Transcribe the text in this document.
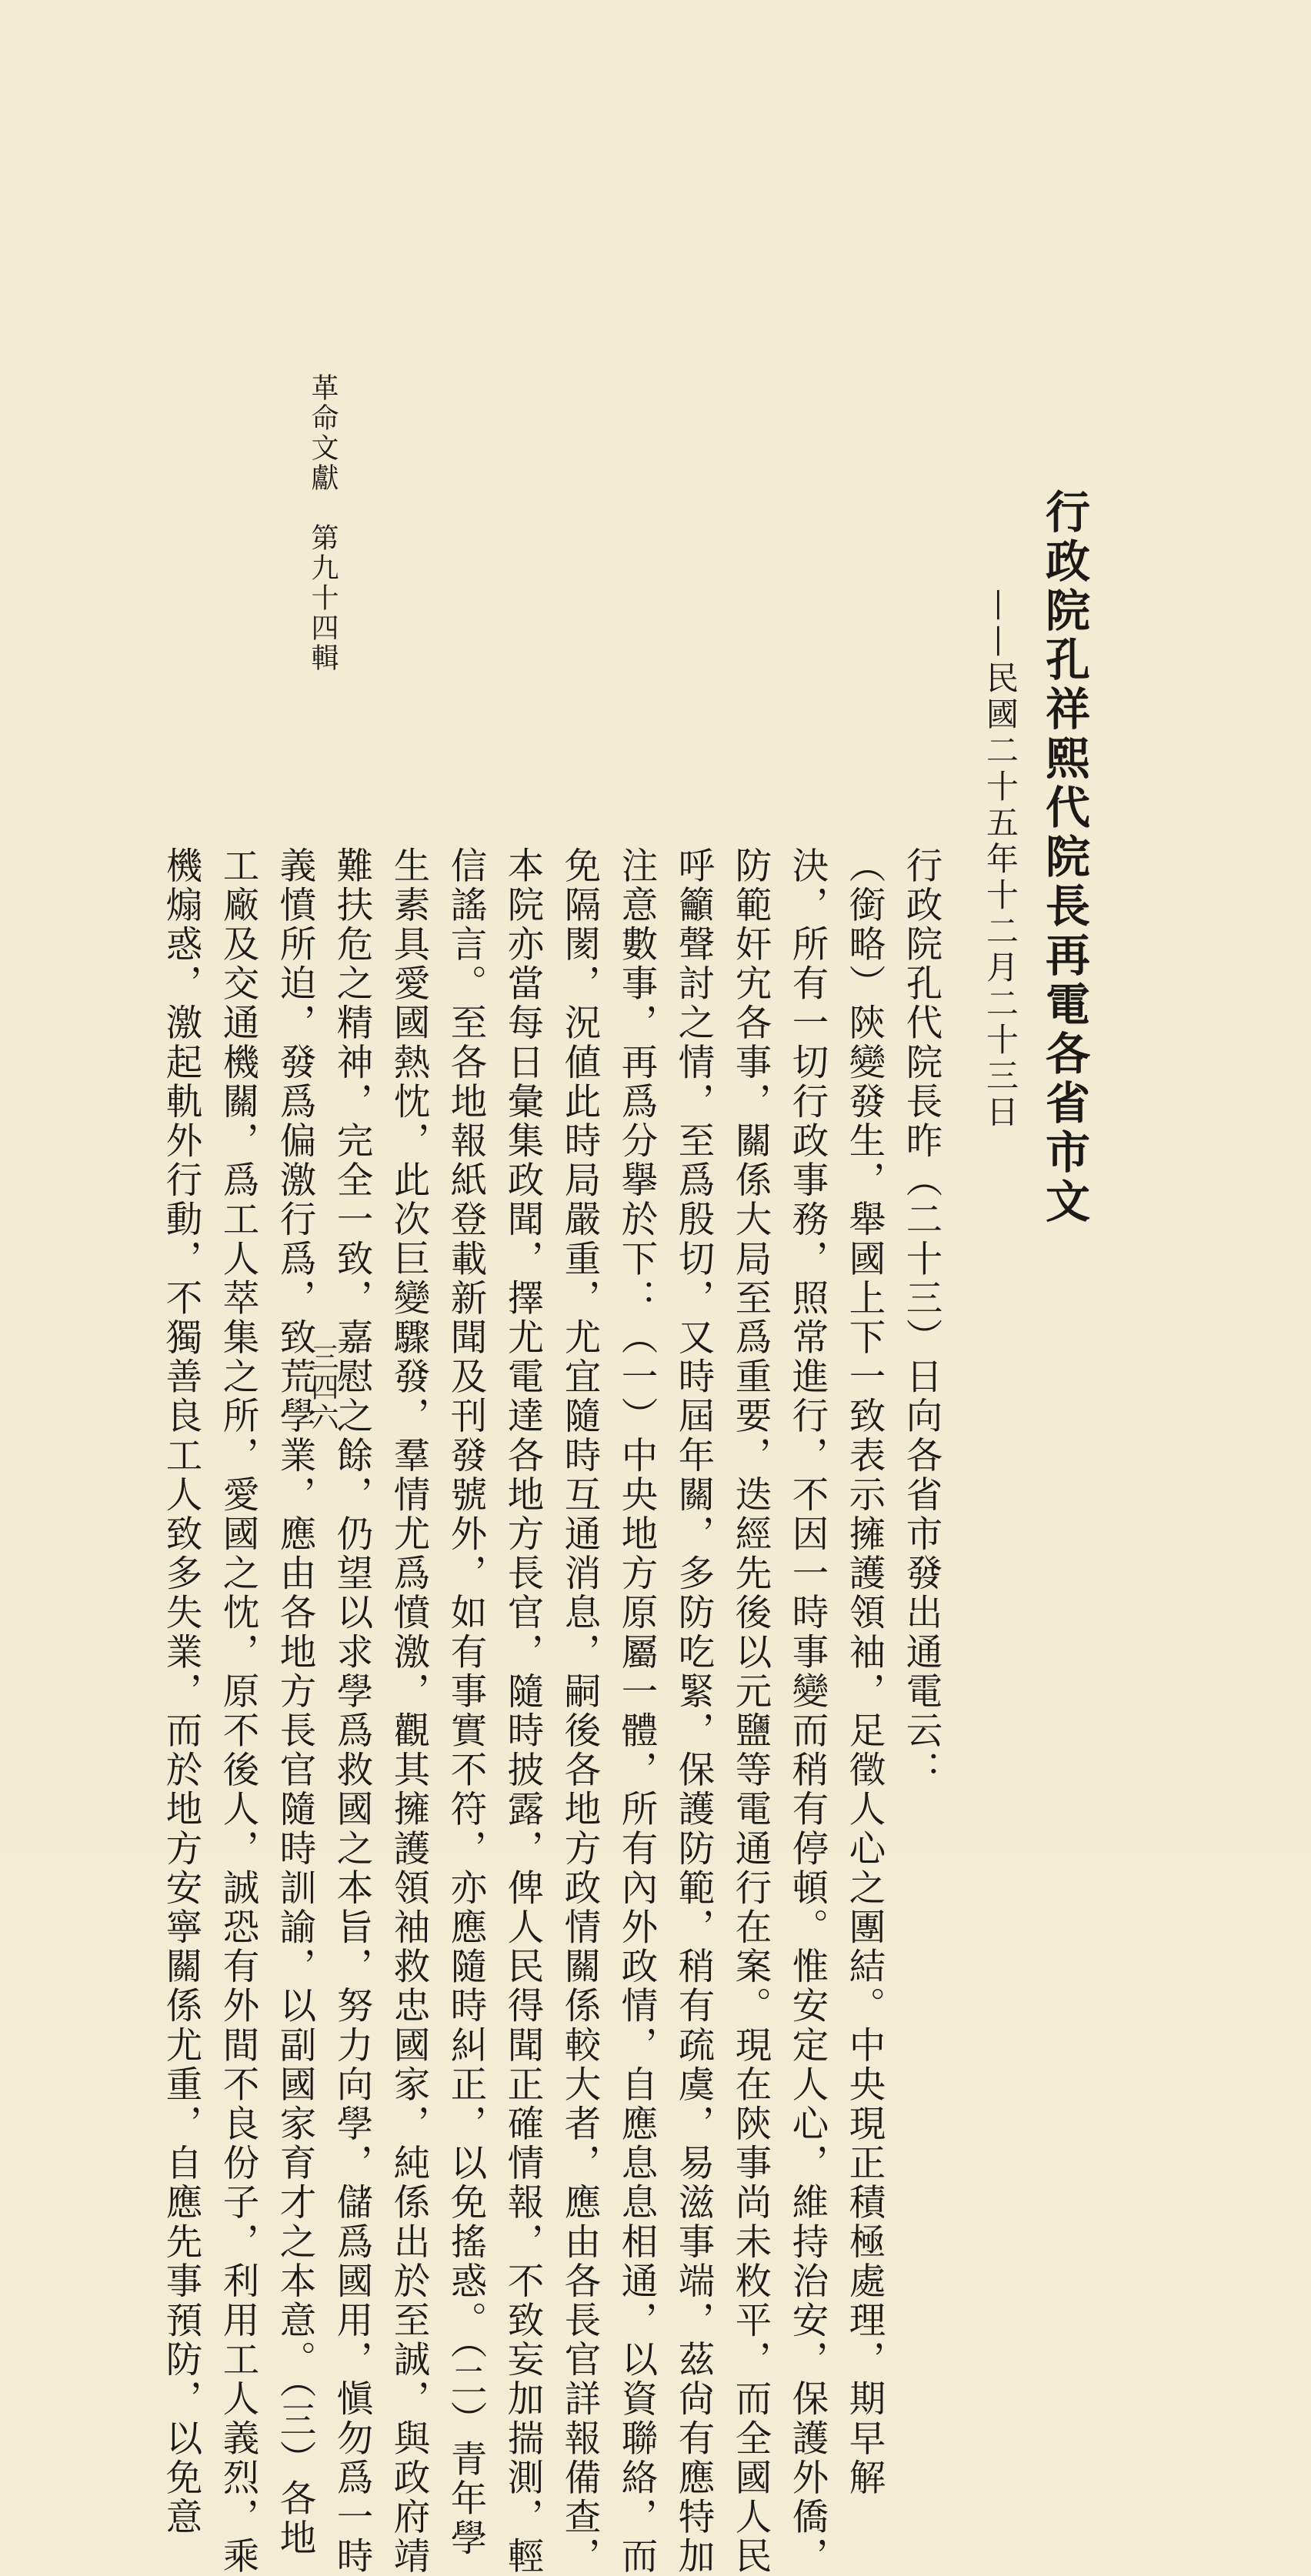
革命文獻　第九十四輯
三四六
行政院孔祥熙代院長再電各省市文
——民國二十五年十二月二十三日
行政院孔代院長昨（二十三）日向各省市發出通電云：
（銜略）陝變發生，舉國上下一致表示擁護領袖，足徵人心之團結。中央現正積極處理，期早解
決，所有一切行政事務，照常進行，不因一時事變而稍有停頓。惟安定人心，維持治安，保護外僑，
防範奸宄各事，關係大局至爲重要，迭經先後以元鹽等電通行在案。現在陝事尚未敉平，而全國人民
呼籲聲討之情，至爲殷切，又時屆年關，多防吃緊，保護防範，稍有疏虞，易滋事端，茲尙有應特加
注意數事，再爲分擧於下：（一）中央地方原屬一體，所有內外政情，自應息息相通，以資聯絡，而
免隔閡，況値此時局嚴重，尤宜隨時互通消息，嗣後各地方政情關係較大者，應由各長官詳報備查，
本院亦當每日彙集政聞，擇尤電達各地方長官，隨時披露，俾人民得聞正確情報，不致妄加揣測，輕
信謠言。至各地報紙登載新聞及刊發號外，如有事實不符，亦應隨時糾正，以免搖惑。（二）青年學
生素具愛國熱忱，此次巨變驟發，羣情尤爲憤激，觀其擁護領袖救忠國家，純係出於至誠，與政府靖
難扶危之精神，完全一致，嘉慰之餘，仍望以求學爲救國之本旨，努力向學，儲爲國用，愼勿爲一時
義憤所迫，發爲偏激行爲，致荒學業，應由各地方長官隨時訓諭，以副國家育才之本意。（三）各地
工廠及交通機關，爲工人萃集之所，愛國之忱，原不後人，誠恐有外間不良份子，利用工人義烈，乘
機煽惑，激起軌外行動，不獨善良工人致多失業，而於地方安寧關係尤重，自應先事預防，以免意
